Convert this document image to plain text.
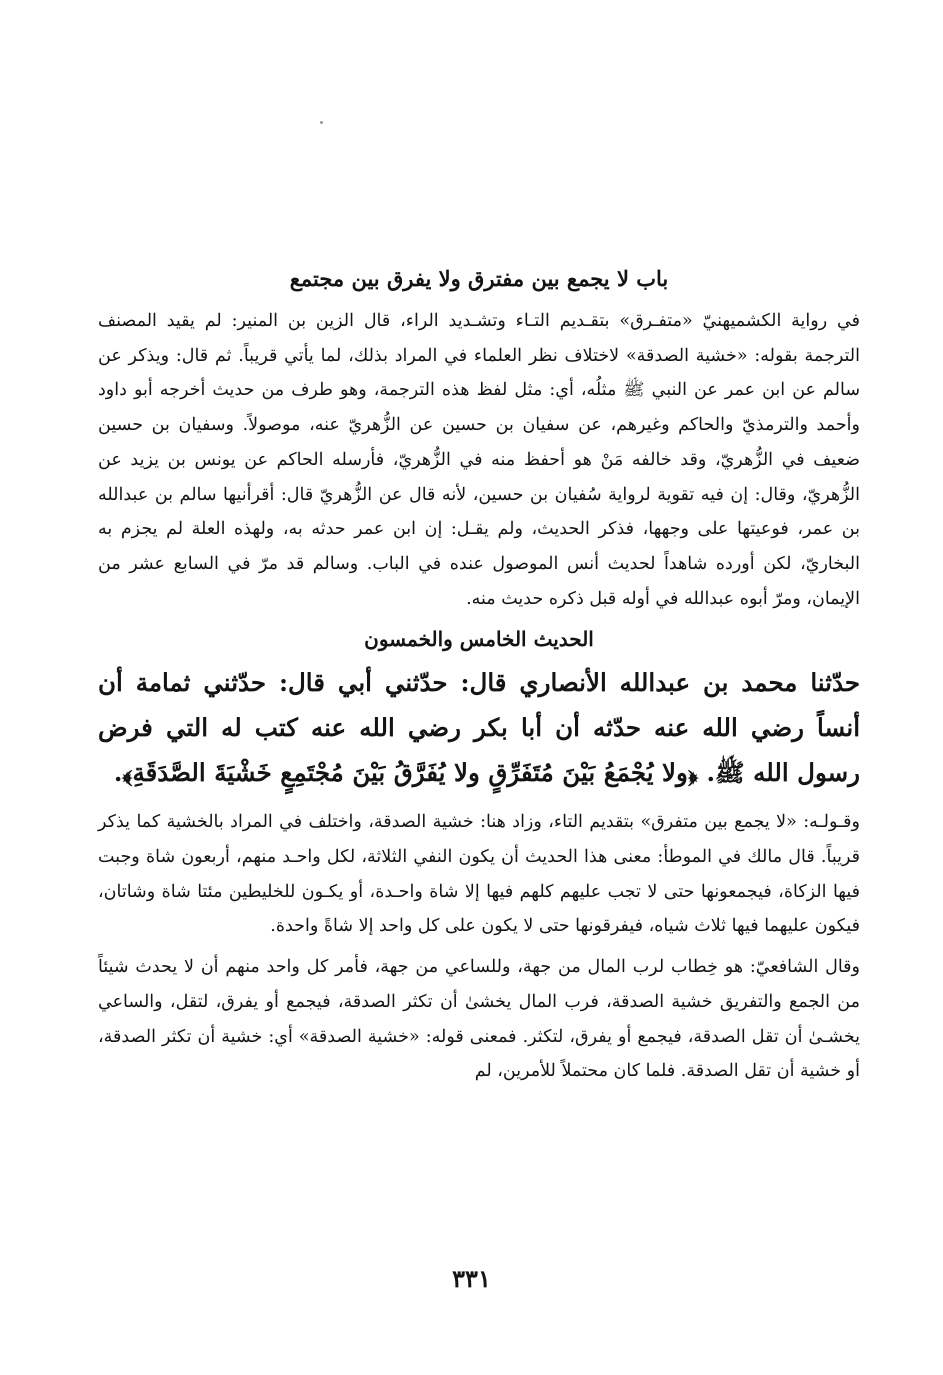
باب لا يجمع بين مفترق ولا يفرق بين مجتمع

في رواية الكشميهنيّ «متفـرق» بتقـديم التـاء وتشـديد الراء، قال الزين بن المنير: لم يقيد المصنف الترجمة بقوله: «خشية الصدقة» لاختلاف نظر العلماء في المراد بذلك، لما يأتي قريباً. ثم قال: ويذكر عن سالم عن ابن عمر عن النبي ﷺ مثلُه، أي: مثل لفظ هذه الترجمة، وهو طرف من حديث أخرجه أبو داود وأحمد والترمذيّ والحاكم وغيرهم، عن سفيان بن حسين عن الزُّهريّ عنه، موصولاً. وسفيان بن حسين ضعيف في الزُّهريّ، وقد خالفه مَنْ هو أحفظ منه في الزُّهريّ، فأرسله الحاكم عن يونس بن يزيد عن الزُّهريّ، وقال: إن فيه تقوية لرواية سُفيان بن حسين، لأنه قال عن الزُّهريّ قال: أقرأنيها سالم بن عبدالله بن عمر، فوعيتها على وجهها، فذكر الحديث، ولم يقـل: إن ابن عمر حدثه به، ولهذه العلة لم يجزم به البخاريّ، لكن أورده شاهداً لحديث أنس الموصول عنده في الباب. وسالم قد مرّ في السابع عشر من الإيمان، ومرّ أبوه عبدالله في أوله قبل ذكره حديث منه.

الحديث الخامس والخمسون

حدّثنا محمد بن عبدالله الأنصاري قال: حدّثني أبي قال: حدّثني ثمامة أن أنساً رضي الله عنه حدّثه أن أبا بكر رضي الله عنه كتب له التي فرض رسول الله ﷺ. ﴿ولا يُجْمَعُ بَيْنَ مُتَفَرِّقٍ ولا يُفَرَّقُ بَيْنَ مُجْتَمِعٍ خَشْيَةَ الصَّدَقَةِ﴾.

وقـولـه: «لا يجمع بين متفرق» بتقديم التاء، وزاد هنا: خشية الصدقة، واختلف في المراد بالخشية كما يذكر قريباً. قال مالك في الموطأ: معنى هذا الحديث أن يكون النفي الثلاثة، لكل واحـد منهم، أربعون شاة وجبت فيها الزكاة، فيجمعونها حتى لا تجب عليهم كلهم فيها إلا شاة واحـدة، أو يكـون للخليطين مئتا شاة وشاتان، فيكون عليهما فيها ثلاث شياه، فيفرقونها حتى لا يكون على كل واحد إلا شاةً واحدة.

وقال الشافعيّ: هو خِطاب لرب المال من جهة، وللساعي من جهة، فأمر كل واحد منهم أن لا يحدث شيئاً من الجمع والتفريق خشية الصدقة، فرب المال يخشىٰ أن تكثر الصدقة، فيجمع أو يفرق، لتقل، والساعي يخشـىٰ أن تقل الصدقة، فيجمع أو يفرق، لتكثر. فمعنى قوله: «خشية الصدقة» أي: خشية أن تكثر الصدقة، أو خشية أن تقل الصدقة. فلما كان محتملاً للأمرين، لم

٣٣١
